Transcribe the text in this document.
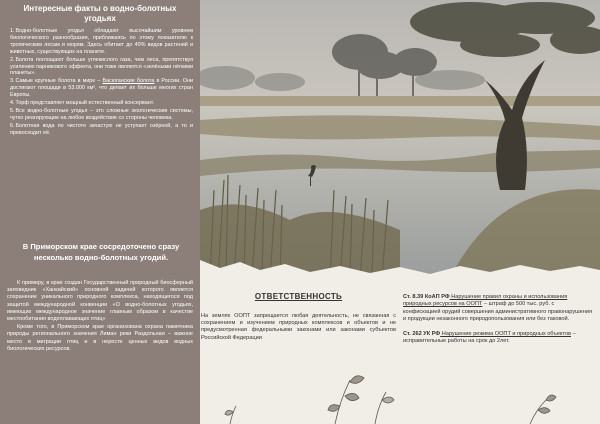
Интересные факты о водно-болотных угодьях
1.Водно-болотные угодья обладают высочайшим уровнем биологического разнообразия, приближаясь по этому показателю к тропическим лесам и морям. Здесь обитает до 40% видов растений и животных, существующих на планете.
2.Болота поглощают больше углекислого газа, чем леса, препятствуя усилению парникового эффекта, они тоже являются «зелёными лёгкими планеты».
3.Самые крупные болота в мире – Васюганские болота в России. Они достигают площади в 53.000 км², что делает их больше многих стран Европы.
4.Торф представляет мощный естественный консервант.
5.Все водно-болотные угодья – это сложные экологические системы, чутко реагирующие на любое воздействие со стороны человека.
6.Болотная вода по чистоте зачастую не уступает озёрной, а то и превосходит её.
В Приморском крае сосредоточено сразу несколько водно-болотных угодий.

К примеру, в крае создан Государственный природный биосферный заповедник «Ханкайский» основной задачей которого является сохранение уникального природного комплекса, находящегося под защитой международной конвенции «О водно-болотных угодьях, имеющих международное значение главным образом в качестве местообитания водоплавающих птиц»

Кроме того, в Приморском крае организована охрана памятника природы регионального значения Лиман реки Раздольная – важное место в миграции птиц и в нересте ценных видов водных биологических ресурсов.

ОТВЕТСТВЕННОСТЬ

На землях ООПТ запрещается любая деятельность, не связанная с сохранением и изучением природных комплексов и объектов и не предусмотренная федеральными законами или законами субъектов Российской Федерации

Ст. 8.39 КоАП РФ Нарушение правил охраны и использования природных ресурсов на ООПТ – штраф до 500 тыс. руб. с конфискацией орудий совершения административного правонарушения и продукции незаконного природопользования или без таковой.

Ст. 262 УК РФ Нарушение режима ООПТ и природных объектов – исправительные работы на срок до 2лет.
